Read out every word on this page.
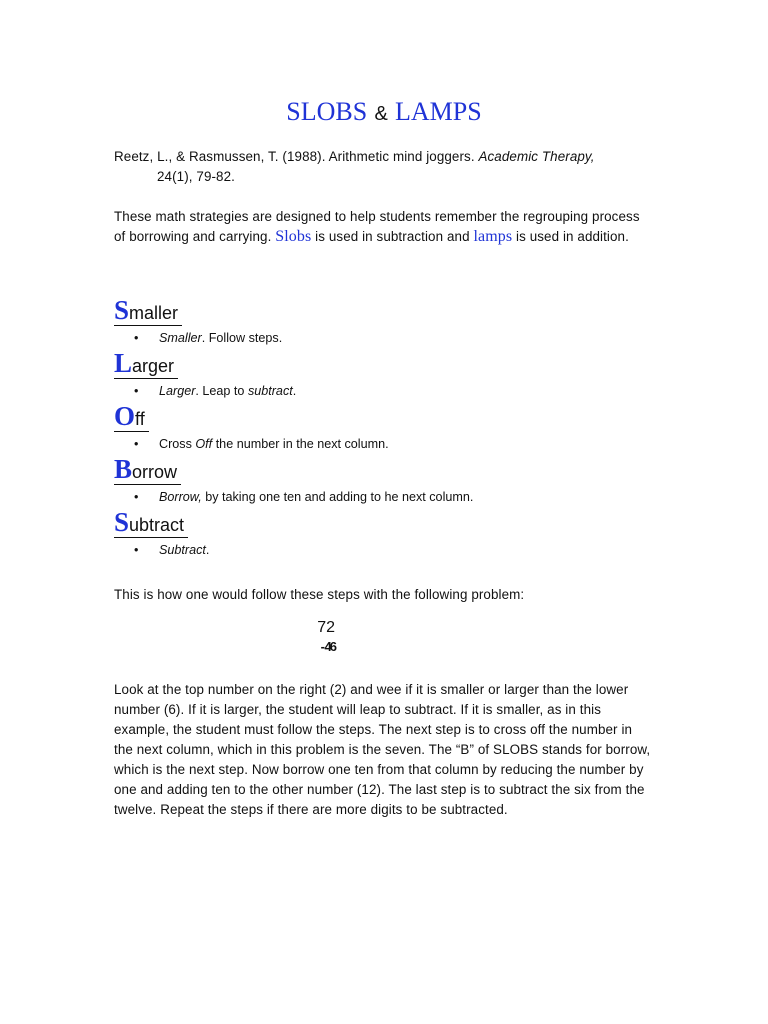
SLOBS & LAMPS
Reetz, L., & Rasmussen, T. (1988). Arithmetic mind joggers. Academic Therapy,
24(1), 79-82.
These math strategies are designed to help students remember the regrouping process of borrowing and carrying. Slobs is used in subtraction and lamps is used in addition.
Smaller
• Smaller. Follow steps.
Larger
• Larger. Leap to subtract.
Off
• Cross Off the number in the next column.
Borrow
• Borrow, by taking one ten and adding to he next column.
Subtract
• Subtract.
This is how one would follow these steps with the following problem:
72
- 46
Look at the top number on the right (2) and wee if it is smaller or larger than the lower number (6). If it is larger, the student will leap to subtract. If it is smaller, as in this example, the student must follow the steps. The next step is to cross off the number in the next column, which in this problem is the seven. The “B” of SLOBS stands for borrow, which is the next step. Now borrow one ten from that column by reducing the number by one and adding ten to the other number (12). The last step is to subtract the six from the twelve. Repeat the steps if there are more digits to be subtracted.
